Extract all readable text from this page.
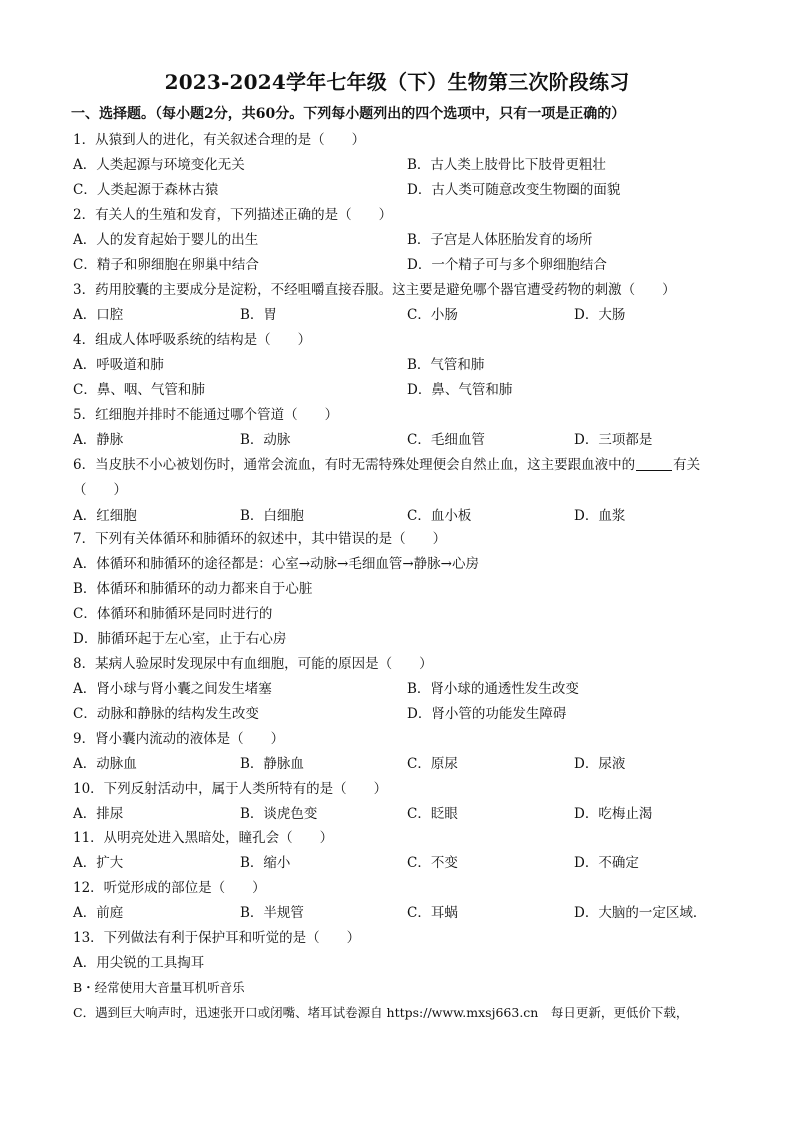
2023-2024学年七年级（下）生物第三次阶段练习
一、选择题。（每小题2分，共60分。下列每小题列出的四个选项中，只有一项是正确的）
1．从猿到人的进化，有关叙述合理的是（　　）
A．人类起源与环境变化无关	B．古人类上肢骨比下肢骨更粗壮
C．人类起源于森林古猿	D．古人类可随意改变生物圈的面貌
2．有关人的生殖和发育，下列描述正确的是（　　）
A．人的发育起始于婴儿的出生	B．子宫是人体胚胎发育的场所
C．精子和卵细胞在卵巢中结合	D．一个精子可与多个卵细胞结合
3．药用胶囊的主要成分是淀粉，不经咀嚼直接吞服。这主要是避免哪个器官遭受药物的刺激（　　）
A．口腔	B．胃	C．小肠	D．大肠
4．组成人体呼吸系统的结构是（　　）
A．呼吸道和肺	B．气管和肺
C．鼻、咽、气管和肺	D．鼻、气管和肺
5．红细胞并排时不能通过哪个管道（　　）
A．静脉	B．动脉	C．毛细血管	D．三项都是
6．当皮肤不小心被划伤时，通常会流血，有时无需特殊处理便会自然止血，这主要跟血液中的	有关
（　　）
A．红细胞	B．白细胞	C．血小板	D．血浆
7．下列有关体循环和肺循环的叙述中，其中错误的是（　　）
A．体循环和肺循环的途径都是：心室→动脉→毛细血管→静脉→心房
B．体循环和肺循环的动力都来自于心脏
C．体循环和肺循环是同时进行的
D．肺循环起于左心室，止于右心房
8．某病人验尿时发现尿中有血细胞，可能的原因是（　　）
A．肾小球与肾小囊之间发生堵塞	B．肾小球的通透性发生改变
C．动脉和静脉的结构发生改变	D．肾小管的功能发生障碍
9．肾小囊内流动的液体是（　　）
A．动脉血	B．静脉血	C．原尿	D．尿液
10．下列反射活动中，属于人类所特有的是（　　）
A．排尿	B．谈虎色变	C．眨眼	D．吃梅止渴
11．从明亮处进入黑暗处，瞳孔会（　　）
A．扩大	B．缩小	C．不变	D．不确定
12．听觉形成的部位是（　　）
A．前庭	B．半规管	C．耳蜗	D．大脑的一定区域．
13．下列做法有利于保护耳和听觉的是（　　）
A．用尖锐的工具掏耳
B・经常使用大音量耳机听音乐
C．遇到巨大响声时，迅速张开口或闭嘴、堵耳试卷源自 https://www.mxsj663.cn　每日更新，更低价下载，
